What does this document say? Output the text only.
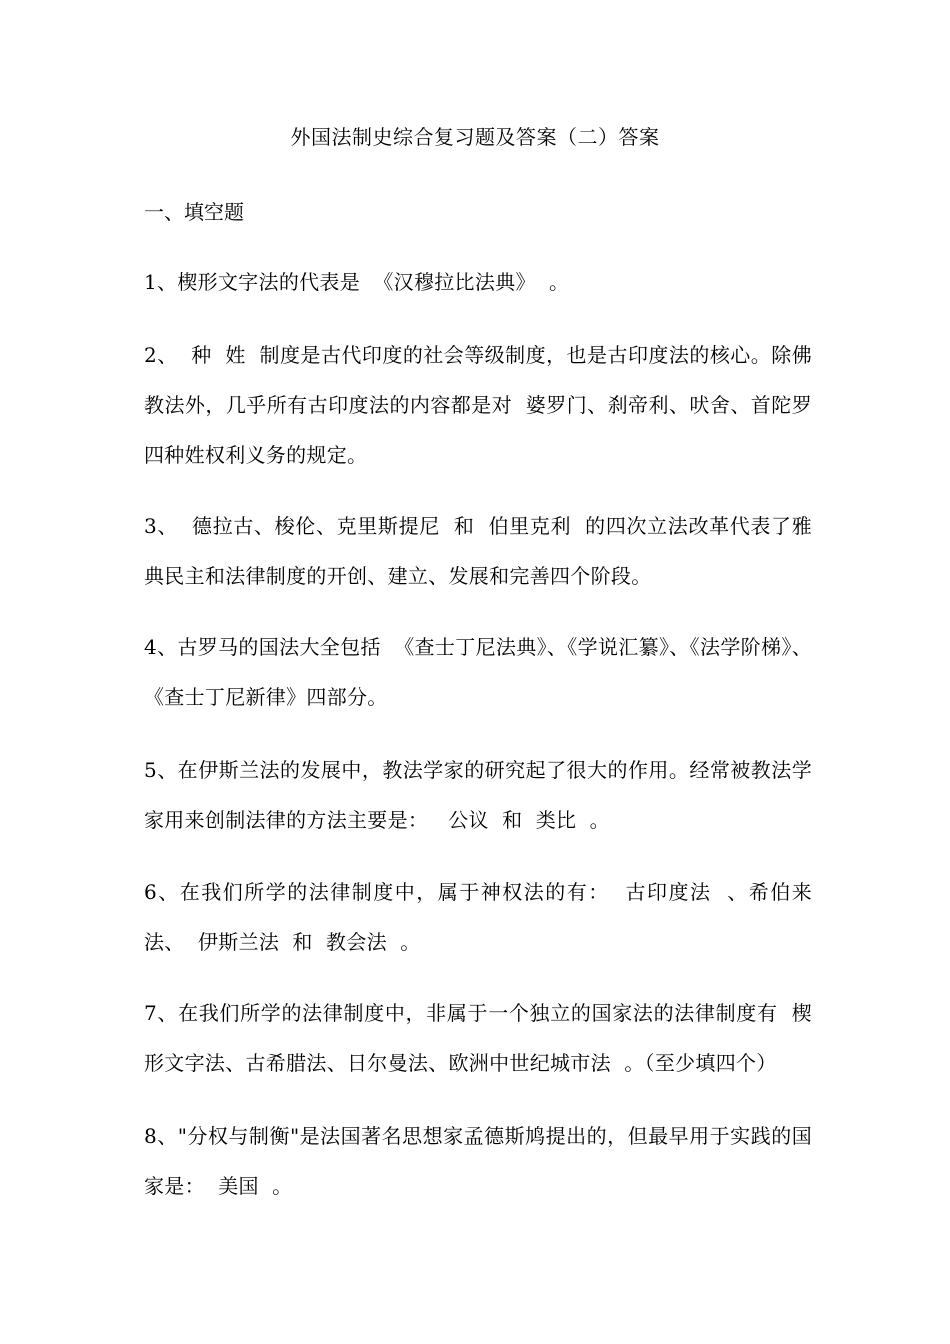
外国法制史综合复习题及答案（二）答案
一、填空题
1、楔形文字法的代表是  《汉穆拉比法典》  。
2、  种  姓  制度是古代印度的社会等级制度，也是古印度法的核心。除佛教法外，几乎所有古印度法的内容都是对  婆罗门、刹帝利、吠舍、首陀罗  四种姓权利义务的规定。
3、  德拉古、梭伦、克里斯提尼  和  伯里克利  的四次立法改革代表了雅典民主和法律制度的开创、建立、发展和完善四个阶段。
4、古罗马的国法大全包括  《查士丁尼法典》、《学说汇纂》、《法学阶梯》、《查士丁尼新律》四部分。
5、在伊斯兰法的发展中，教法学家的研究起了很大的作用。经常被教法学家用来创制法律的方法主要是：   公议  和  类比  。
6、在我们所学的法律制度中，属于神权法的有：  古印度法  、希伯来法、  伊斯兰法  和  教会法  。
7、在我们所学的法律制度中，非属于一个独立的国家法的法律制度有  楔形文字法、古希腊法、日尔曼法、欧洲中世纪城市法  。（至少填四个）
8、"分权与制衡"是法国著名思想家孟德斯鸠提出的，但最早用于实践的国家是：  美国  。
